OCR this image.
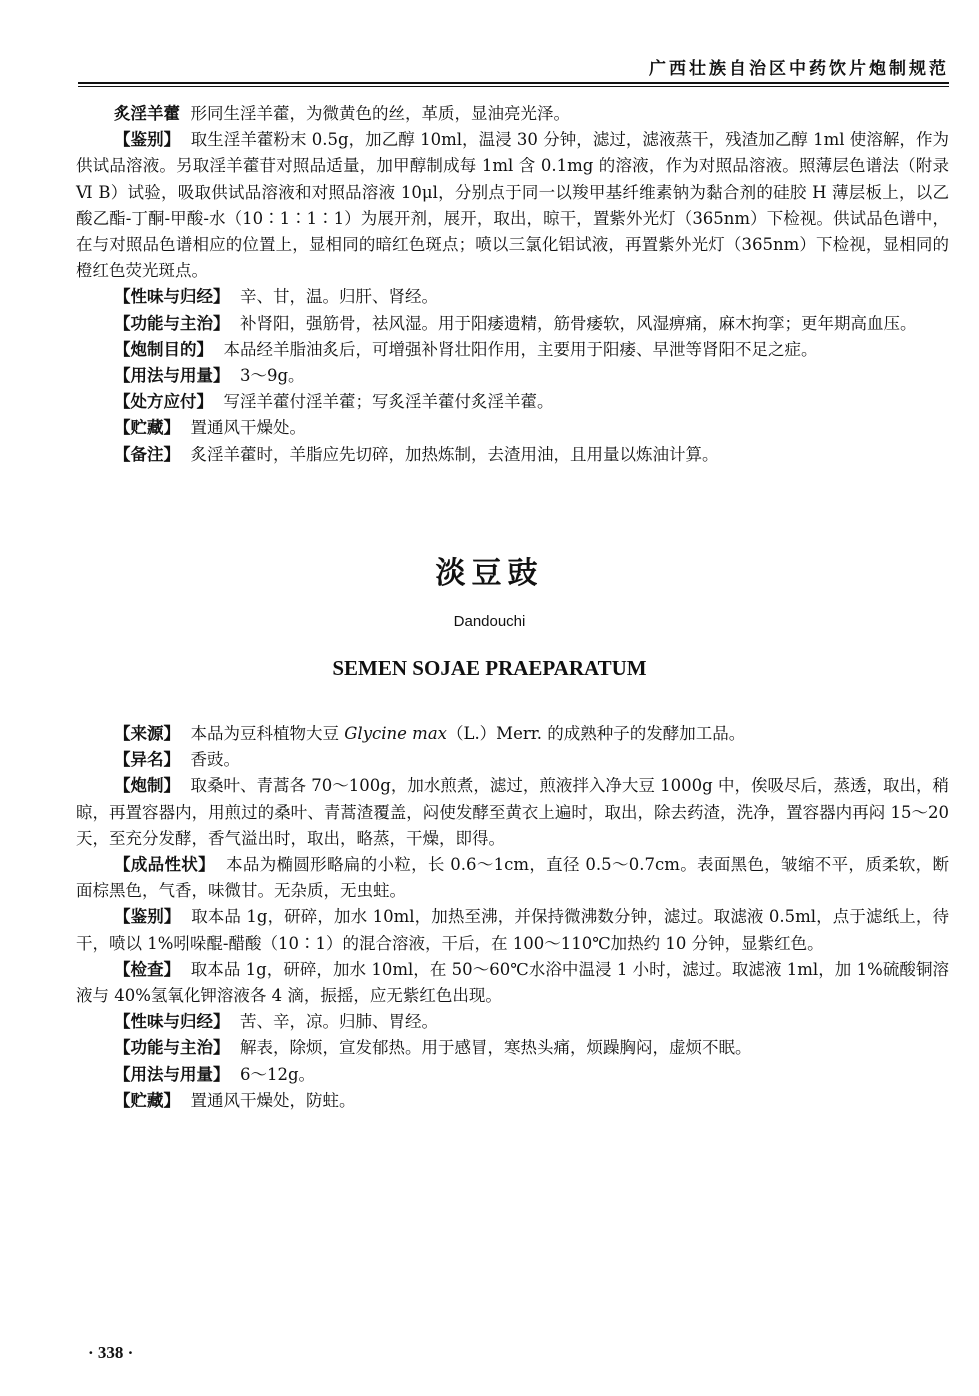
广西壮族自治区中药饮片炮制规范

炙淫羊藿 形同生淫羊藿，为微黄色的丝，革质，显油亮光泽。

【鉴别】 取生淫羊藿粉末 0.5g，加乙醇 10ml，温浸 30 分钟，滤过，滤液蒸干，残渣加乙醇 1ml 使溶解，作为供试品溶液。另取淫羊藿苷对照品适量，加甲醇制成每 1ml 含 0.1mg 的溶液，作为对照品溶液。照薄层色谱法（附录Ⅵ B）试验，吸取供试品溶液和对照品溶液 10μl，分别点于同一以羧甲基纤维素钠为黏合剂的硅胶 H 薄层板上，以乙酸乙酯-丁酮-甲酸-水（10∶1∶1∶1）为展开剂，展开，取出，晾干，置紫外光灯（365nm）下检视。供试品色谱中，在与对照品色谱相应的位置上，显相同的暗红色斑点；喷以三氯化铝试液，再置紫外光灯（365nm）下检视，显相同的橙红色荧光斑点。

【性味与归经】 辛、甘，温。归肝、肾经。

【功能与主治】 补肾阳，强筋骨，祛风湿。用于阳痿遗精，筋骨痿软，风湿痹痛，麻木拘挛；更年期高血压。

【炮制目的】 本品经羊脂油炙后，可增强补肾壮阳作用，主要用于阳痿、早泄等肾阳不足之症。

【用法与用量】 3～9g。

【处方应付】 写淫羊藿付淫羊藿；写炙淫羊藿付炙淫羊藿。

【贮藏】 置通风干燥处。

【备注】 炙淫羊藿时，羊脂应先切碎，加热炼制，去渣用油，且用量以炼油计算。

淡豆豉
Dandouchi
SEMEN SOJAE PRAEPARATUM

【来源】 本品为豆科植物大豆 Glycine max（L.）Merr. 的成熟种子的发酵加工品。

【异名】 香豉。

【炮制】 取桑叶、青蒿各 70～100g，加水煎煮，滤过，煎液拌入净大豆 1000g 中，俟吸尽后，蒸透，取出，稍晾，再置容器内，用煎过的桑叶、青蒿渣覆盖，闷使发酵至黄衣上遍时，取出，除去药渣，洗净，置容器内再闷 15～20 天，至充分发酵，香气溢出时，取出，略蒸，干燥，即得。

【成品性状】 本品为椭圆形略扁的小粒，长 0.6～1cm，直径 0.5～0.7cm。表面黑色，皱缩不平，质柔软，断面棕黑色，气香，味微甘。无杂质，无虫蛀。

【鉴别】 取本品 1g，研碎，加水 10ml，加热至沸，并保持微沸数分钟，滤过。取滤液 0.5ml，点于滤纸上，待干，喷以 1%吲哚醌-醋酸（10∶1）的混合溶液，干后，在 100～110℃加热约 10 分钟，显紫红色。

【检查】 取本品 1g，研碎，加水 10ml，在 50～60℃水浴中温浸 1 小时，滤过。取滤液 1ml，加 1%硫酸铜溶液与 40%氢氧化钾溶液各 4 滴，振摇，应无紫红色出现。

【性味与归经】 苦、辛，凉。归肺、胃经。

【功能与主治】 解表，除烦，宣发郁热。用于感冒，寒热头痛，烦躁胸闷，虚烦不眠。

【用法与用量】 6～12g。

【贮藏】 置通风干燥处，防蛀。

· 338 ·
